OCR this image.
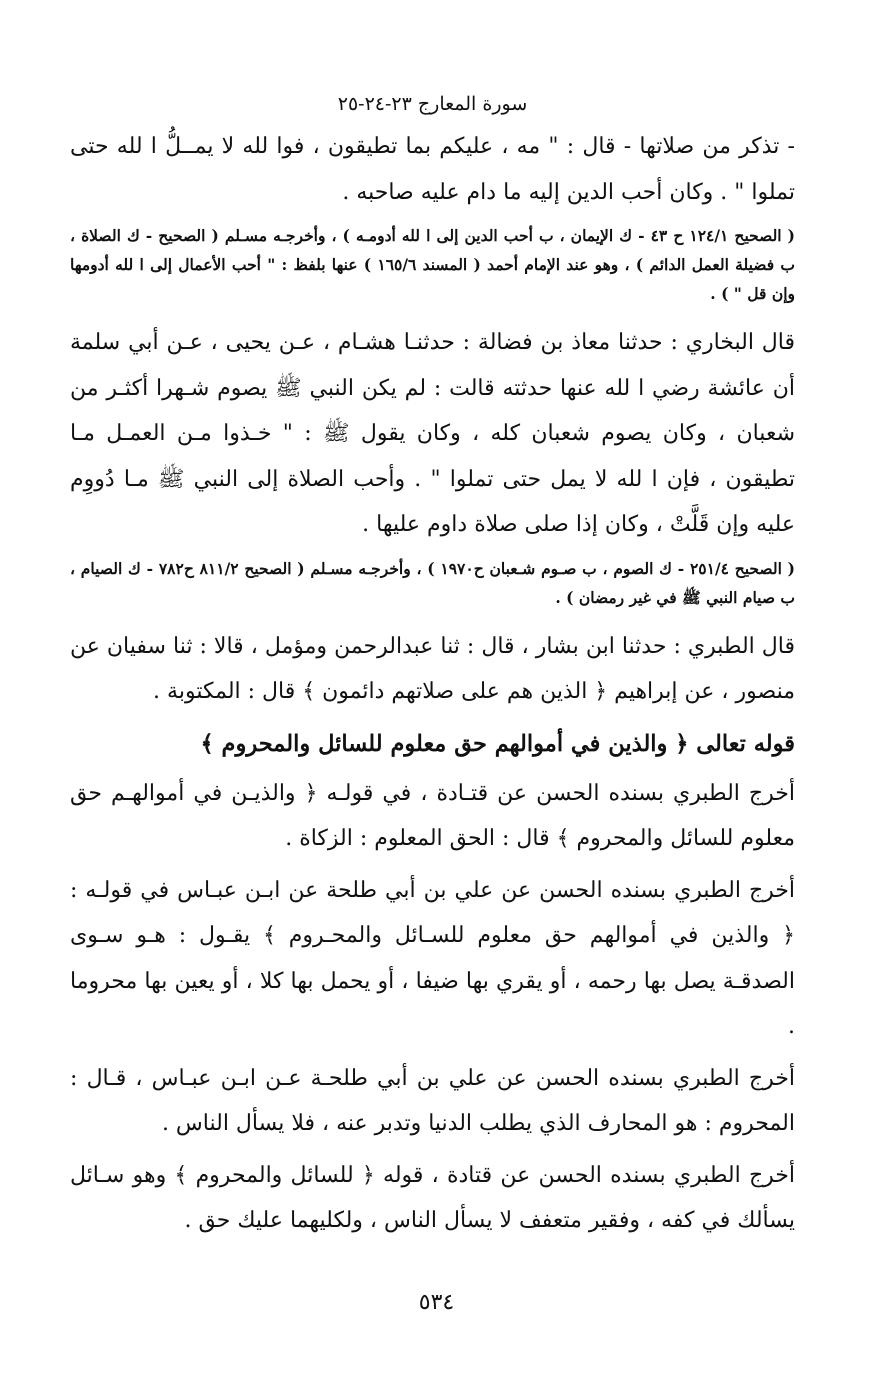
سورة المعارج ٢٣-٢٤-٢٥

- تذكر من صلاتها - قال : " مه ، عليكم بما تطيقون ، فوا لله لا يمــلُّ ا لله حتى تملوا " . وكان أحب الدين إليه ما دام عليه صاحبه .

( الصحيح ١٢٤/١ ح ٤٣ - ك الإيمان ، ب أحب الدين إلى ا لله أدومـه ) ، وأخرجـه مسـلم ( الصحيح - ك الصلاة ، ب فضيلة العمل الدائم ) ، وهو عند الإمام أحمد ( المسند ١٦٥/٦ ) عنها بلفظ : " أحب الأعمال إلى ا لله أدومها وإن قل " ) .

قال البخاري : حدثنا معاذ بن فضالة : حدثنـا هشـام ، عـن يحيى ، عـن أبي سلمة أن عائشة رضي ا لله عنها حدثته قالت : لم يكن النبي ﷺ يصوم شـهرا أكثـر من شعبان ، وكان يصوم شعبان كله ، وكان يقول ﷺ : " خـذوا مـن العمـل مـا تطيقون ، فإن ا لله لا يمل حتى تملوا " . وأحب الصلاة إلى النبي ﷺ مـا دُووِم عليه وإن قَلَّتْ ، وكان إذا صلى صلاة داوم عليها .

( الصحيح ٢٥١/٤ - ك الصوم ، ب صـوم شـعبان ح١٩٧٠ ) ، وأخرجـه مسـلم ( الصحيح ٨١١/٢ ح٧٨٢ - ك الصيام ، ب صيام النبي ﷺ في غير رمضان ) .

قال الطبري : حدثنا ابن بشار ، قال : ثنا عبدالرحمن ومؤمل ، قالا : ثنا سفيان عن منصور ، عن إبراهيم ﴿ الذين هم على صلاتهم دائمون ﴾ قال : المكتوبة .

قوله تعالى ﴿ والذين في أموالهم حق معلوم للسائل والمحروم ﴾

أخرج الطبري بسنده الحسن عن قتـادة ، في قولـه ﴿ والذيـن في أموالهـم حق معلوم للسائل والمحروم ﴾ قال : الحق المعلوم : الزكاة .

أخرج الطبري بسنده الحسن عن علي بن أبي طلحة عن ابـن عبـاس في قولـه : ﴿ والذين في أموالهم حق معلوم للسـائل والمحـروم ﴾ يقـول : هـو سـوى الصدقـة يصل بها رحمه ، أو يقري بها ضيفا ، أو يحمل بها كلا ، أو يعين بها محروما .

أخرج الطبري بسنده الحسن عن علي بن أبي طلحـة عـن ابـن عبـاس ، قـال : المحروم : هو المحارف الذي يطلب الدنيا وتدبر عنه ، فلا يسأل الناس .

أخرج الطبري بسنده الحسن عن قتادة ، قوله ﴿ للسائل والمحروم ﴾ وهو سـائل يسألك في كفه ، وفقير متعفف لا يسأل الناس ، ولكليهما عليك حق .

٥٣٤
